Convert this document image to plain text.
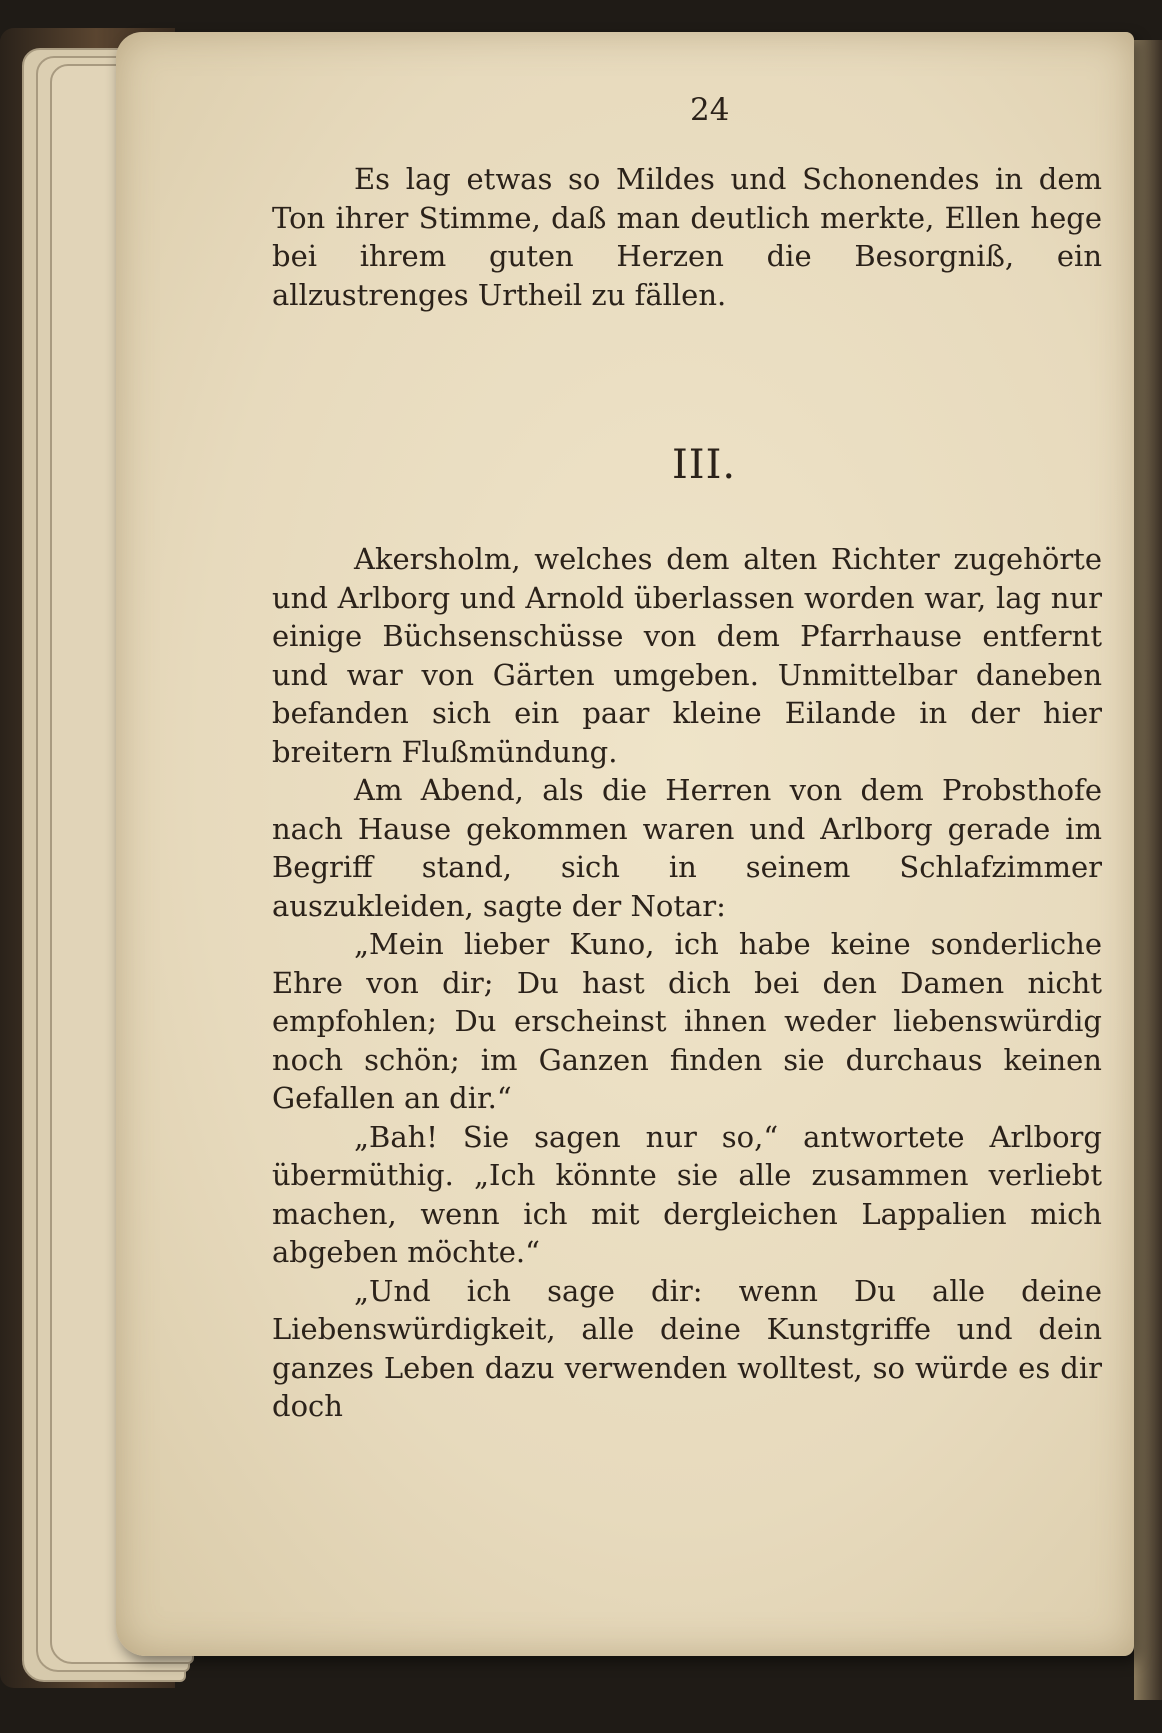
24

Es lag etwas so Mildes und Schonendes in dem Ton ihrer Stimme, daß man deutlich merkte, Ellen hege bei ihrem guten Herzen die Besorgniß, ein allzustrenges Urtheil zu fällen.

III.

Akersholm, welches dem alten Richter zugehörte und Arlborg und Arnold überlassen worden war, lag nur einige Büchsenschüsse von dem Pfarrhause entfernt und war von Gärten umgeben. Unmittelbar daneben befanden sich ein paar kleine Eilande in der hier breitern Flußmündung.

Am Abend, als die Herren von dem Probsthofe nach Hause gekommen waren und Arlborg gerade im Begriff stand, sich in seinem Schlafzimmer auszukleiden, sagte der Notar:

„Mein lieber Kuno, ich habe keine sonderliche Ehre von dir; Du hast dich bei den Damen nicht empfohlen; Du erscheinst ihnen weder liebenswürdig noch schön; im Ganzen finden sie durchaus keinen Gefallen an dir.“

„Bah! Sie sagen nur so,“ antwortete Arlborg übermüthig. „Ich könnte sie alle zusammen verliebt machen, wenn ich mit dergleichen Lappalien mich abgeben möchte.“

„Und ich sage dir: wenn Du alle deine Liebenswürdigkeit, alle deine Kunstgriffe und dein ganzes Leben dazu verwenden wolltest, so würde es dir doch
